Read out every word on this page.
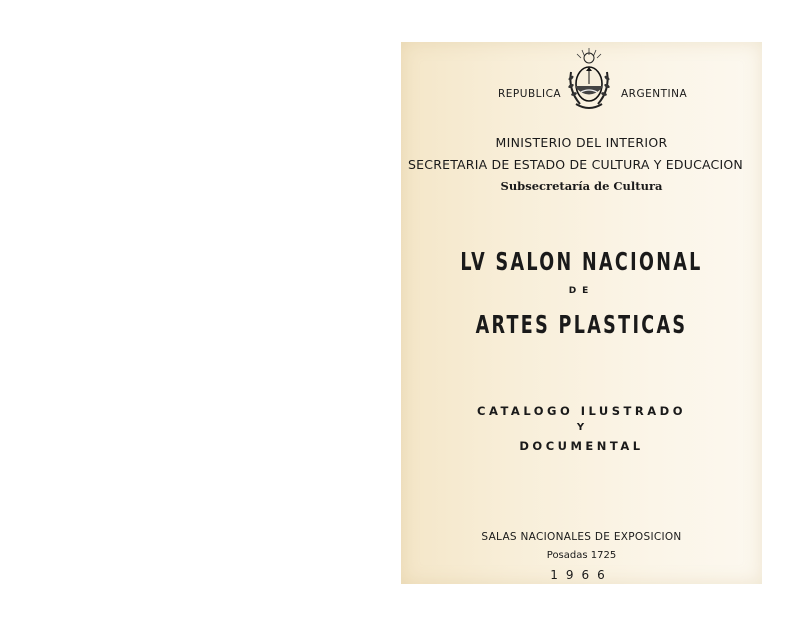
REPUBLICA	ARGENTINA
MINISTERIO DEL INTERIOR
SECRETARIA DE ESTADO DE CULTURA Y EDUCACION
Subsecretaría de Cultura
LV SALON NACIONAL
DE
ARTES PLASTICAS
CATALOGO ILUSTRADO
Y
DOCUMENTAL
SALAS NACIONALES DE EXPOSICION
Posadas 1725
1966
